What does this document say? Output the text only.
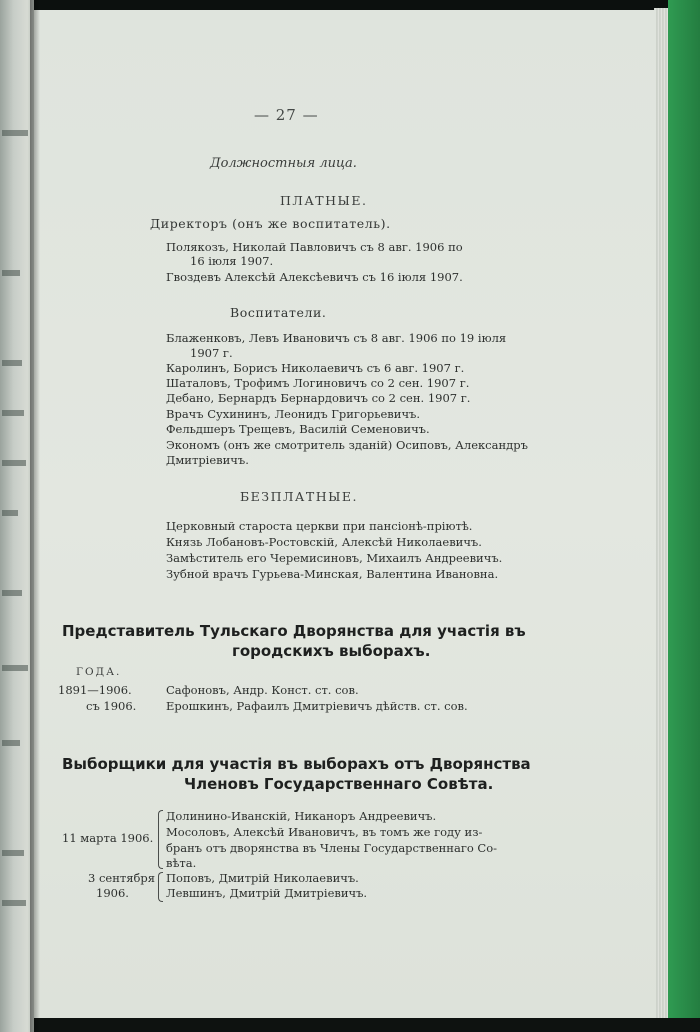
— 27 —
Должностныя лица.
ПЛАТНЫЕ.
Директоръ (онъ же воспитатель).
Полякозъ, Николай Павловичъ съ 8 авг. 1906 по
16 іюля 1907.
Гвоздевъ Алексѣй Алексѣевичъ съ 16 іюля 1907.
Воспитатели.
Блаженковъ, Левъ Ивановичъ съ 8 авг. 1906 по 19 іюля
1907 г.
Каролинъ, Борисъ Николаевичъ съ 6 авг. 1907 г.
Шаталовъ, Трофимъ Логиновичъ со 2 сен. 1907 г.
Дебано, Бернардъ Бернардовичъ со 2 сен. 1907 г.
Врачъ Сухининъ, Леонидъ Григорьевичъ.
Фельдшеръ Трещевъ, Василій Семеновичъ.
Экономъ (онъ же смотритель зданій) Осиповъ, Александръ
Дмитріевичъ.
БЕЗПЛАТНЫЕ.
Церковный староста церкви при пансіонѣ-пріютѣ.
Князь Лобановъ-Ростовскій, Алексѣй Николаевичъ.
Замѣститель его Черемисиновъ, Михаилъ Андреевичъ.
Зубной врачъ Гурьева-Минская, Валентина Ивановна.
Представитель Тульскаго Дворянства для участія въ
городскихъ выборахъ.
ГОДА.
1891—1906.	Сафоновъ, Андр. Конст. ст. сов.
съ 1906.	Ерошкинъ, Рафаилъ Дмитріевичъ дѣйств. ст. сов.
Выборщики для участія въ выборахъ отъ Дворянства
Членовъ Государственнаго Совѣта.
11 марта 1906.
Долинино-Иванскій, Никаноръ Андреевичъ.
Мосоловъ, Алексѣй Ивановичъ, въ томъ же году из-
бранъ отъ дворянства въ Члены Государственнаго Со-
вѣта.
3 сентября
1906.
Поповъ, Дмитрій Николаевичъ.
Левшинъ, Дмитрій Дмитріевичъ.
